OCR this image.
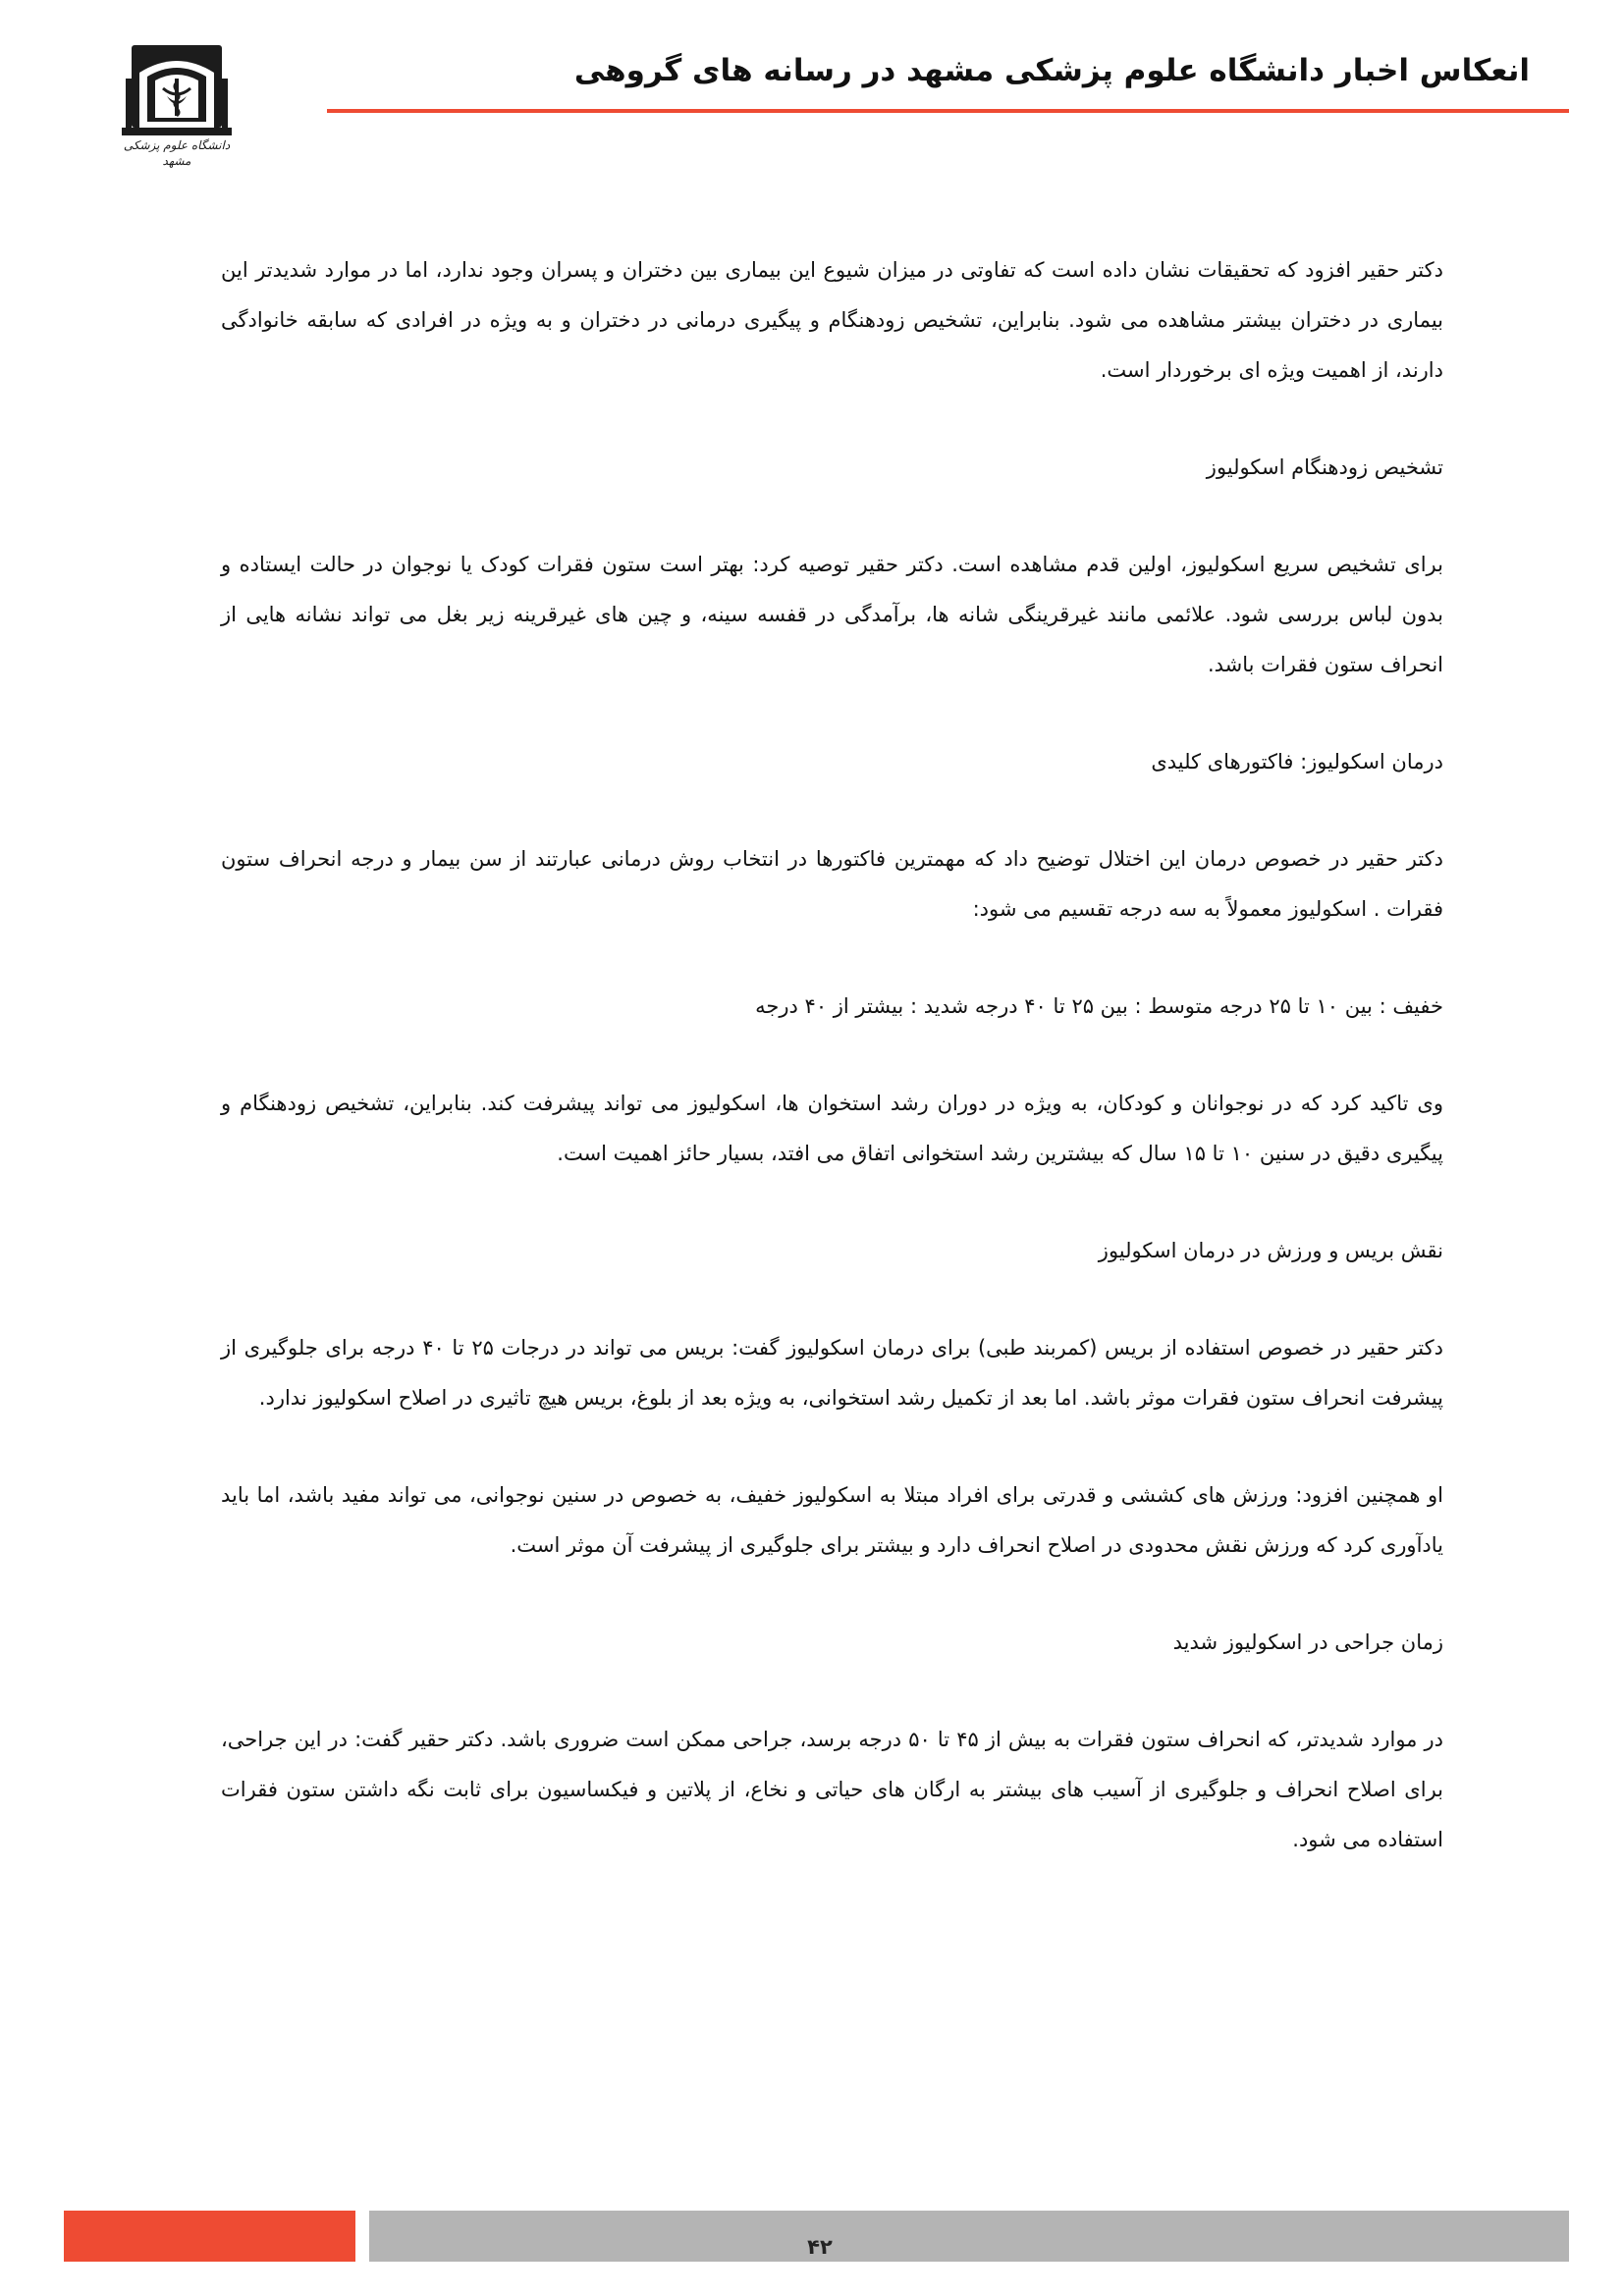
انعکاس اخبار دانشگاه علوم پزشکی مشهد در رسانه های گروهی
دانشگاه علوم پزشکی مشهد

دکتر حقیر افزود که تحقیقات نشان داده است که تفاوتی در میزان شیوع این بیماری بین دختران و پسران وجود ندارد، اما در موارد شدیدتر این بیماری در دختران بیشتر مشاهده می شود. بنابراین، تشخیص زودهنگام و پیگیری درمانی در دختران و به ویژه در افرادی که سابقه خانوادگی دارند، از اهمیت ویژه ای برخوردار است.

تشخیص زودهنگام اسکولیوز

برای تشخیص سریع اسکولیوز، اولین قدم مشاهده است. دکتر حقیر توصیه کرد: بهتر است ستون فقرات کودک یا نوجوان در حالت ایستاده و بدون لباس بررسی شود. علائمی مانند غیرقرینگی شانه ها، برآمدگی در قفسه سینه، و چین های غیرقرینه زیر بغل می تواند نشانه هایی از انحراف ستون فقرات باشد.

درمان اسکولیوز: فاکتورهای کلیدی

دکتر حقیر در خصوص درمان این اختلال توضیح داد که مهمترین فاکتورها در انتخاب روش درمانی عبارتند از سن بیمار و درجه انحراف ستون فقرات . اسکولیوز معمولاً به سه درجه تقسیم می شود:

خفیف : بین ۱۰ تا ۲۵ درجه متوسط : بین ۲۵ تا ۴۰ درجه شدید : بیشتر از ۴۰ درجه

وی تاکید کرد که در نوجوانان و کودکان، به ویژه در دوران رشد استخوان ها، اسکولیوز می تواند پیشرفت کند. بنابراین، تشخیص زودهنگام و پیگیری دقیق در سنین ۱۰ تا ۱۵ سال که بیشترین رشد استخوانی اتفاق می افتد، بسیار حائز اهمیت است.

نقش بریس و ورزش در درمان اسکولیوز

دکتر حقیر در خصوص استفاده از بریس (کمربند طبی) برای درمان اسکولیوز گفت: بریس می تواند در درجات ۲۵ تا ۴۰ درجه برای جلوگیری از پیشرفت انحراف ستون فقرات موثر باشد. اما بعد از تکمیل رشد استخوانی، به ویژه بعد از بلوغ، بریس هیچ تاثیری در اصلاح اسکولیوز ندارد.

او همچنین افزود: ورزش های کششی و قدرتی برای افراد مبتلا به اسکولیوز خفیف، به خصوص در سنین نوجوانی، می تواند مفید باشد، اما باید یادآوری کرد که ورزش نقش محدودی در اصلاح انحراف دارد و بیشتر برای جلوگیری از پیشرفت آن موثر است.

زمان جراحی در اسکولیوز شدید

در موارد شدیدتر، که انحراف ستون فقرات به بیش از ۴۵ تا ۵۰ درجه برسد، جراحی ممکن است ضروری باشد. دکتر حقیر گفت: در این جراحی، برای اصلاح انحراف و جلوگیری از آسیب های بیشتر به ارگان های حیاتی و نخاع، از پلاتین و فیکساسیون برای ثابت نگه داشتن ستون فقرات استفاده می شود.

۴۲
